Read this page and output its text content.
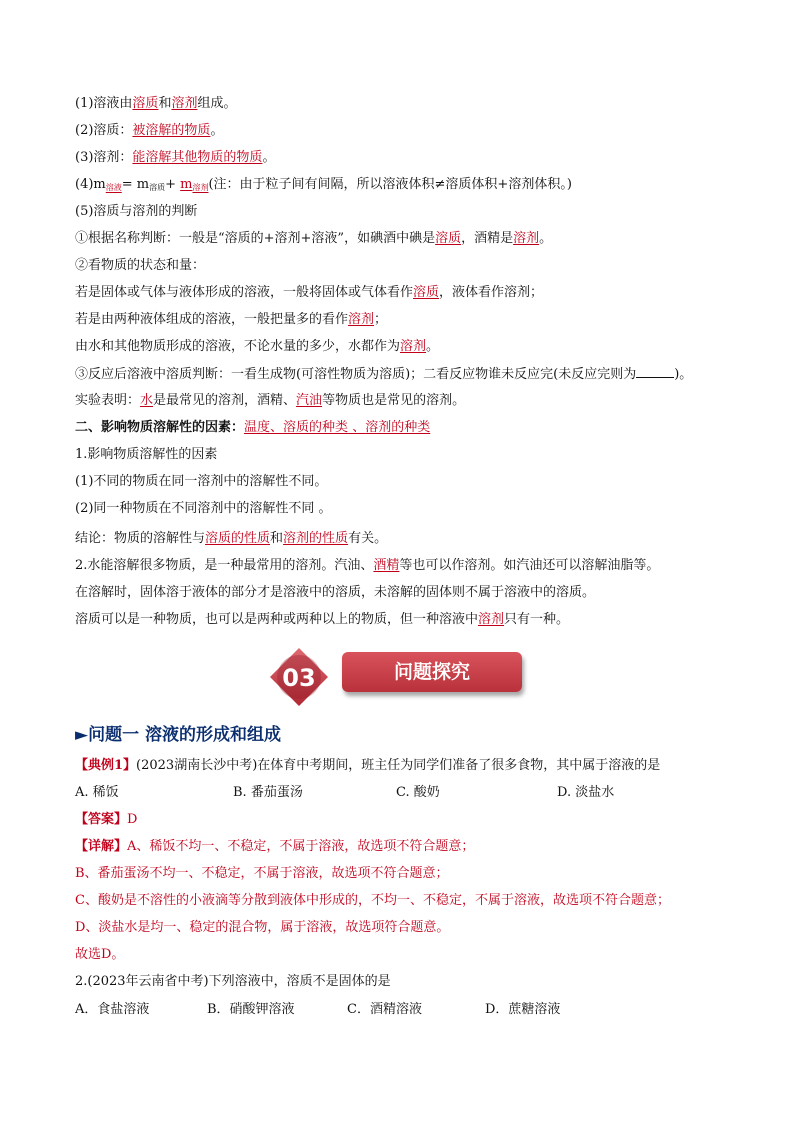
(1)溶液由溶质和溶剂组成。
(2)溶质：被溶解的物质。
(3)溶剂：能溶解其他物质的物质。
$(4)m_{溶液}= m_{溶质}+ m_{溶剂}$(注：由于粒子间有间隔，所以溶液体积≠溶质体积+溶剂体积。)
(5)溶质与溶剂的判断
①根据名称判断：一般是“溶质的+溶剂+溶液”，如碘酒中碘是溶质，酒精是溶剂。
②看物质的状态和量：
若是固体或气体与液体形成的溶液，一般将固体或气体看作溶质，液体看作溶剂；
若是由两种液体组成的溶液，一般把量多的看作溶剂；
由水和其他物质形成的溶液，不论水量的多少，水都作为溶剂。
③反应后溶液中溶质判断：一看生成物(可溶性物质为溶质)；二看反应物谁未反应完(未反应完则为	)。
实验表明：水是最常见的溶剂，酒精、汽油等物质也是常见的溶剂。
二、影响物质溶解性的因素：温度、溶质的种类 、溶剂的种类
1.影响物质溶解性的因素
(1)不同的物质在同一溶剂中的溶解性不同。
(2)同一种物质在不同溶剂中的溶解性不同 。
结论：物质的溶解性与溶质的性质和溶剂的性质有关。
2.水能溶解很多物质，是一种最常用的溶剂。汽油、酒精等也可以作溶剂。如汽油还可以溶解油脂等。
在溶解时，固体溶于液体的部分才是溶液中的溶质，未溶解的固体则不属于溶液中的溶质。
溶质可以是一种物质，也可以是两种或两种以上的物质，但一种溶液中溶剂只有一种。
03	问题探究
►问题一 溶液的形成和组成
【典例1】(2023湖南长沙中考)在体育中考期间，班主任为同学们准备了很多食物，其中属于溶液的是
A. 稀饭	B. 番茄蛋汤	C. 酸奶	D. 淡盐水
【答案】D
【详解】A、稀饭不均一、不稳定，不属于溶液，故选项不符合题意；
B、番茄蛋汤不均一、不稳定，不属于溶液，故选项不符合题意；
C、酸奶是不溶性的小液滴等分散到液体中形成的，不均一、不稳定，不属于溶液，故选项不符合题意；
D、淡盐水是均一、稳定的混合物，属于溶液，故选项符合题意。
故选D。
2.(2023年云南省中考)下列溶液中，溶质不是固体的是
A．食盐溶液	B．硝酸钾溶液	C．酒精溶液	D．蔗糖溶液
